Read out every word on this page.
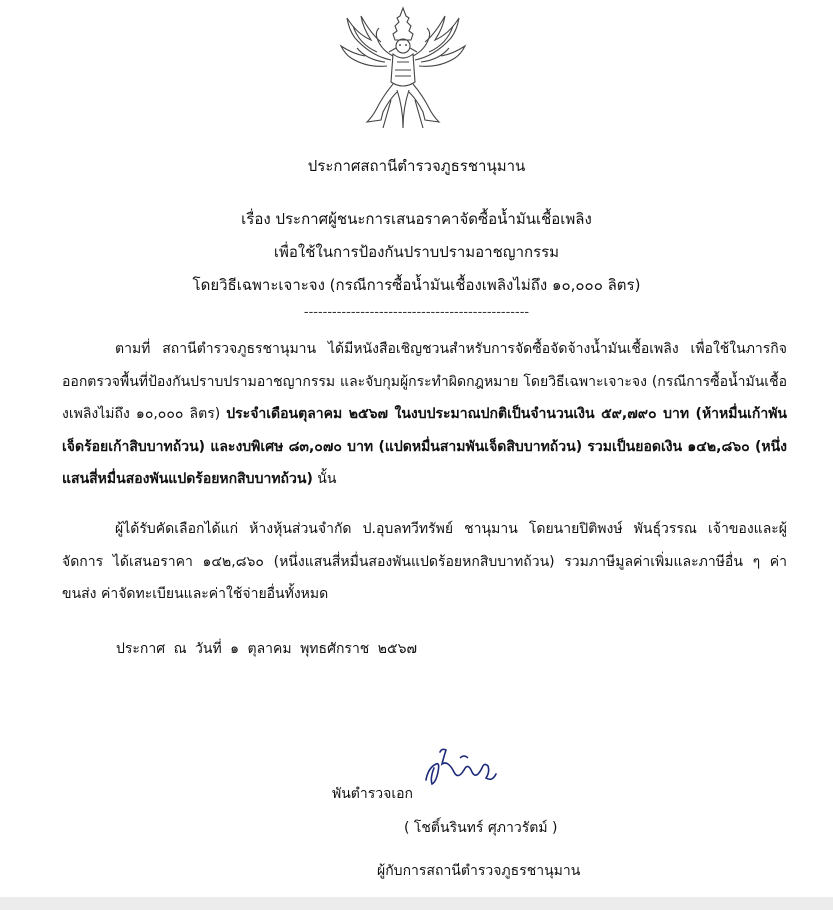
ประกาศสถานีตำรวจภูธรชานุมาน
เรื่อง ประกาศผู้ชนะการเสนอราคาจัดซื้อน้ำมันเชื้อเพลิง
เพื่อใช้ในการป้องกันปราบปรามอาชญากรรม
โดยวิธีเฉพาะเจาะจง (กรณีการซื้อน้ำมันเชื้องเพลิงไม่ถึง ๑๐,๐๐๐ ลิตร)
------------------------------------------------
ตามที่ สถานีตำรวจภูธรชานุมาน ได้มีหนังสือเชิญชวนสำหรับการจัดซื้อจัดจ้างน้ำมันเชื้อเพลิง เพื่อใช้ในภารกิจออกตรวจพื้นที่ป้องกันปราบปรามอาชญากรรม และจับกุมผู้กระทำผิดกฎหมาย โดยวิธีเฉพาะเจาะจง (กรณีการซื้อน้ำมันเชื้องเพลิงไม่ถึง ๑๐,๐๐๐ ลิตร) ประจำเดือนตุลาคม ๒๕๖๗ ในงบประมาณปกติเป็นจำนวนเงิน ๕๙,๗๙๐ บาท (ห้าหมื่นเก้าพันเจ็ดร้อยเก้าสิบบาทถ้วน) และงบพิเศษ ๘๓,๐๗๐ บาท (แปดหมื่นสามพันเจ็ดสิบบาทถ้วน) รวมเป็นยอดเงิน ๑๔๒,๘๖๐ (หนึ่งแสนสี่หมื่นสองพันแปดร้อยหกสิบบาทถ้วน) นั้น
ผู้ได้รับคัดเลือกได้แก่ ห้างหุ้นส่วนจำกัด ป.อุบลทวีทรัพย์ ชานุมาน โดยนายปิติพงษ์ พันธุ์วรรณ เจ้าของและผู้จัดการ ได้เสนอราคา ๑๔๒,๘๖๐ (หนึ่งแสนสี่หมื่นสองพันแปดร้อยหกสิบบาทถ้วน) รวมภาษีมูลค่าเพิ่มและภาษีอื่น ๆ ค่าขนส่ง ค่าจัดทะเบียนและค่าใช้จ่ายอื่นทั้งหมด
ประกาศ ณ วันที่ ๑ ตุลาคม พุทธศักราช ๒๕๖๗
พันตำรวจเอก
( โชติ์นรินทร์ ศุภาวรัตม์ )
ผู้กับการสถานีตำรวจภูธรชานุมาน
